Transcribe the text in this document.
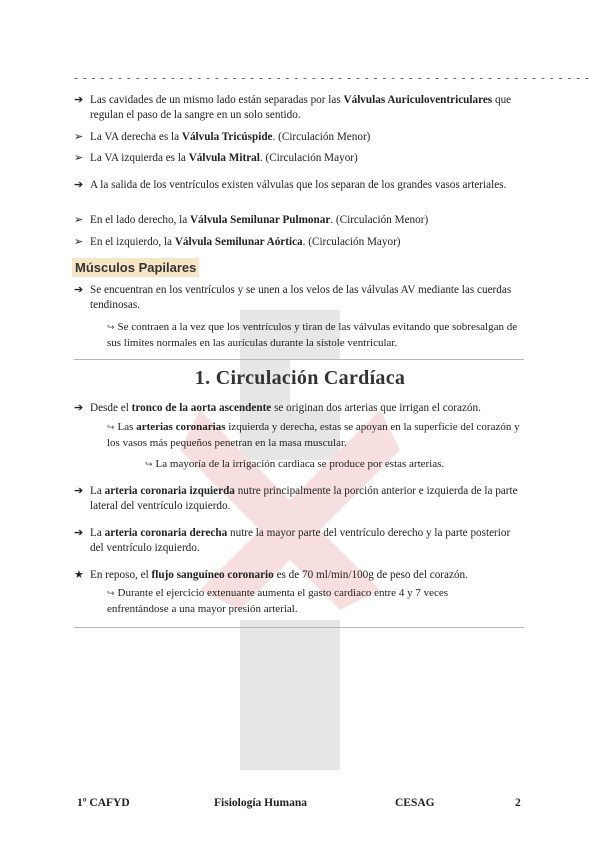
- - - - - - - - - - - - - - - - - - - - - - - - - - - - - - - - - - - - - - - - - - - - - - - - - - - - - - - - - - -
➔ Las cavidades de un mismo lado están separadas por las Válvulas Auriculoventriculares que regulan el paso de la sangre en un solo sentido.
➢ La VA derecha es la Válvula Tricúspide. (Circulación Menor)
➢ La VA izquierda es la Válvula Mitral. (Circulación Mayor)
➔ A la salida de los ventrículos existen válvulas que los separan de los grandes vasos arteriales.
➢ En el lado derecho, la Válvula Semilunar Pulmonar. (Circulación Menor)
➢ En el izquierdo, la Válvula Semilunar Aórtica. (Circulación Mayor)
Músculos Papilares
➔ Se encuentran en los ventrículos y se unen a los velos de las válvulas AV mediante las cuerdas tendinosas.
↪ Se contraen a la vez que los ventrículos y tiran de las válvulas evitando que sobresalgan de sus límites normales en las aurículas durante la sístole ventricular.
1. Circulación Cardíaca
➔ Desde el tronco de la aorta ascendente se originan dos arterias que irrigan el corazón.
↪ Las arterias coronarias izquierda y derecha, estas se apoyan en la superficie del corazón y los vasos más pequeños penetran en la masa muscular.
↪ La mayoría de la irrigación cardiaca se produce por estas arterias.
➔ La arteria coronaria izquierda nutre principalmente la porción anterior e izquierda de la parte lateral del ventrículo izquierdo.
➔ La arteria coronaria derecha nutre la mayor parte del ventrículo derecho y la parte posterior del ventrículo izquierdo.
★ En reposo, el flujo sanguíneo coronario es de 70 ml/min/100g de peso del corazón.
↪ Durante el ejercicio extenuante aumenta el gasto cardiaco entre 4 y 7 veces enfrentándose a una mayor presión arterial.
1º CAFYD	Fisiología Humana	CESAG	2
